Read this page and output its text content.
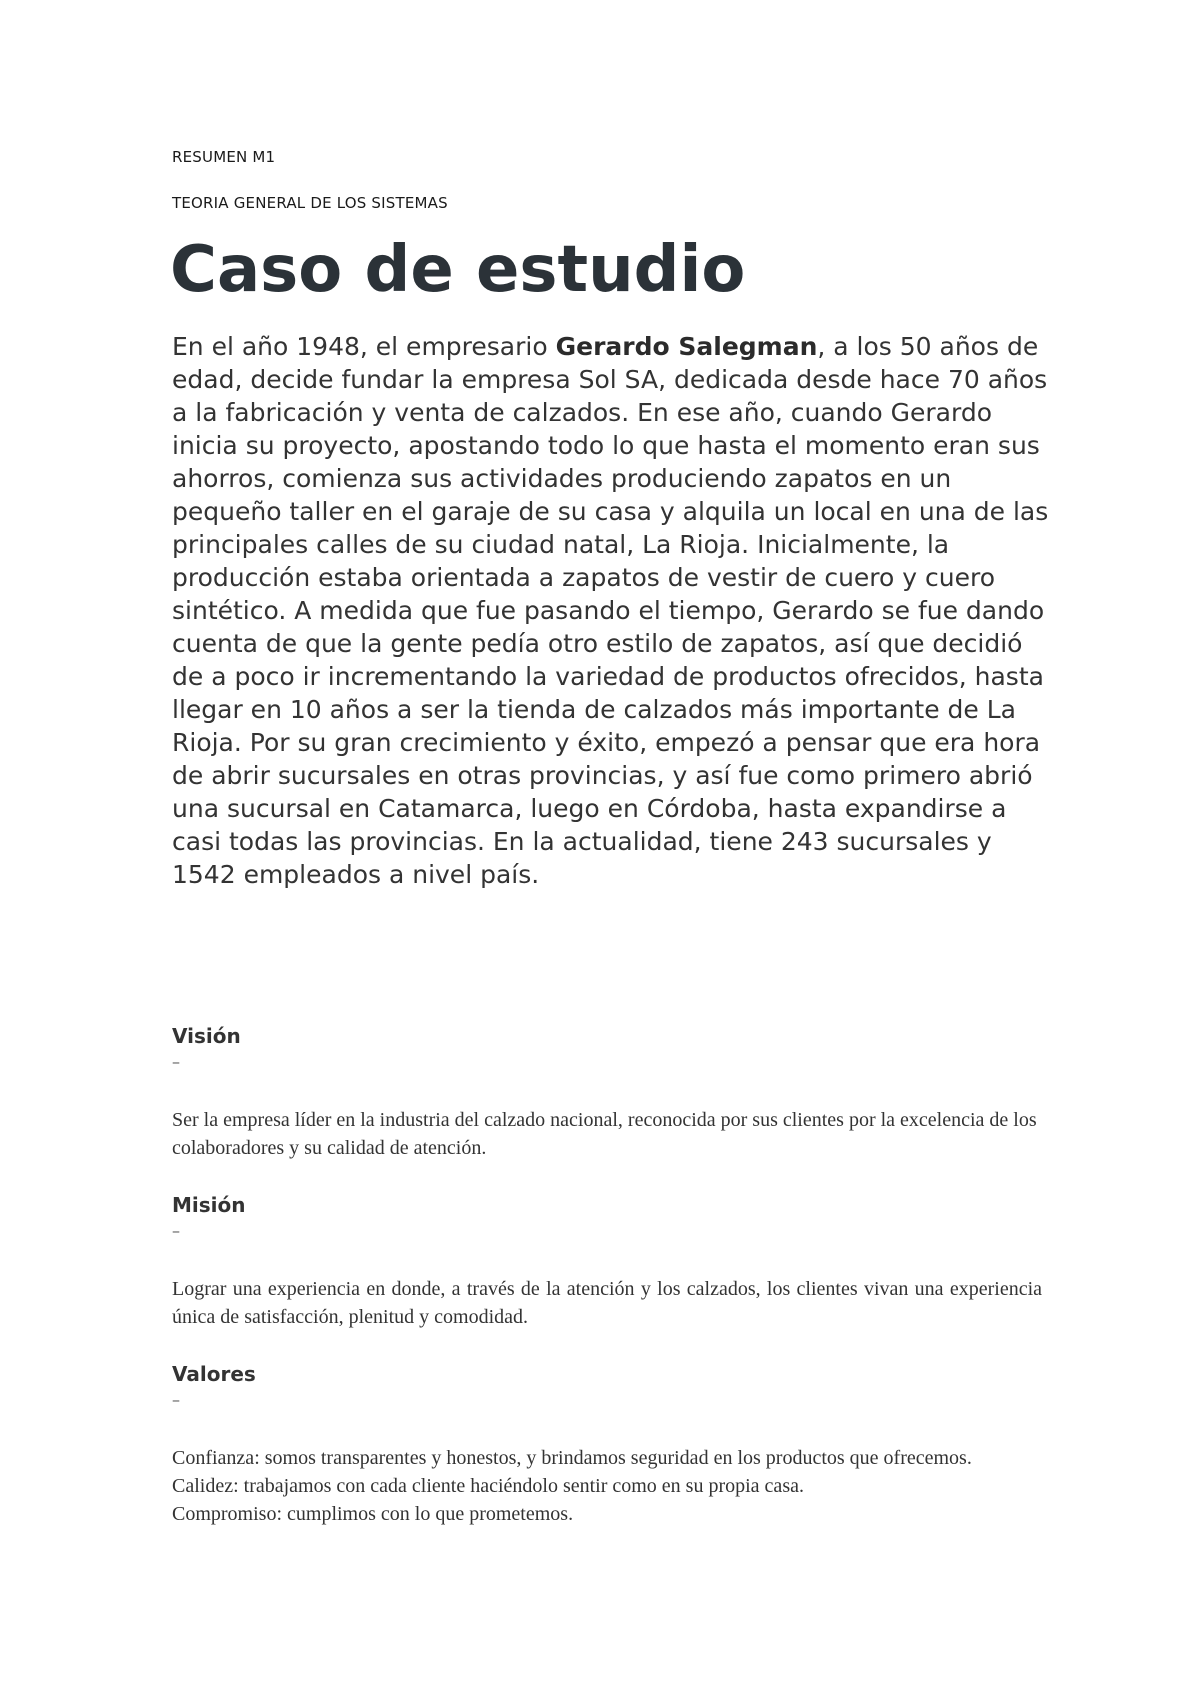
RESUMEN M1
TEORIA GENERAL DE LOS SISTEMAS
Caso de estudio

En el año 1948, el empresario Gerardo Salegman, a los 50 años de edad, decide fundar la empresa Sol SA, dedicada desde hace 70 años a la fabricación y venta de calzados. En ese año, cuando Gerardo inicia su proyecto, apostando todo lo que hasta el momento eran sus ahorros, comienza sus actividades produciendo zapatos en un pequeño taller en el garaje de su casa y alquila un local en una de las principales calles de su ciudad natal, La Rioja. Inicialmente, la producción estaba orientada a zapatos de vestir de cuero y cuero sintético. A medida que fue pasando el tiempo, Gerardo se fue dando cuenta de que la gente pedía otro estilo de zapatos, así que decidió de a poco ir incrementando la variedad de productos ofrecidos, hasta llegar en 10 años a ser la tienda de calzados más importante de La Rioja. Por su gran crecimiento y éxito, empezó a pensar que era hora de abrir sucursales en otras provincias, y así fue como primero abrió una sucursal en Catamarca, luego en Córdoba, hasta expandirse a casi todas las provincias. En la actualidad, tiene 243 sucursales y 1542 empleados a nivel país.

Visión
–

Ser la empresa líder en la industria del calzado nacional, reconocida por sus clientes por la excelencia de los colaboradores y su calidad de atención.

Misión
–

Lograr una experiencia en donde, a través de la atención y los calzados, los clientes vivan una experiencia única de satisfacción, plenitud y comodidad.

Valores
–
Confianza: somos transparentes y honestos, y brindamos seguridad en los productos que ofrecemos.
Calidez: trabajamos con cada cliente haciéndolo sentir como en su propia casa.
Compromiso: cumplimos con lo que prometemos.
